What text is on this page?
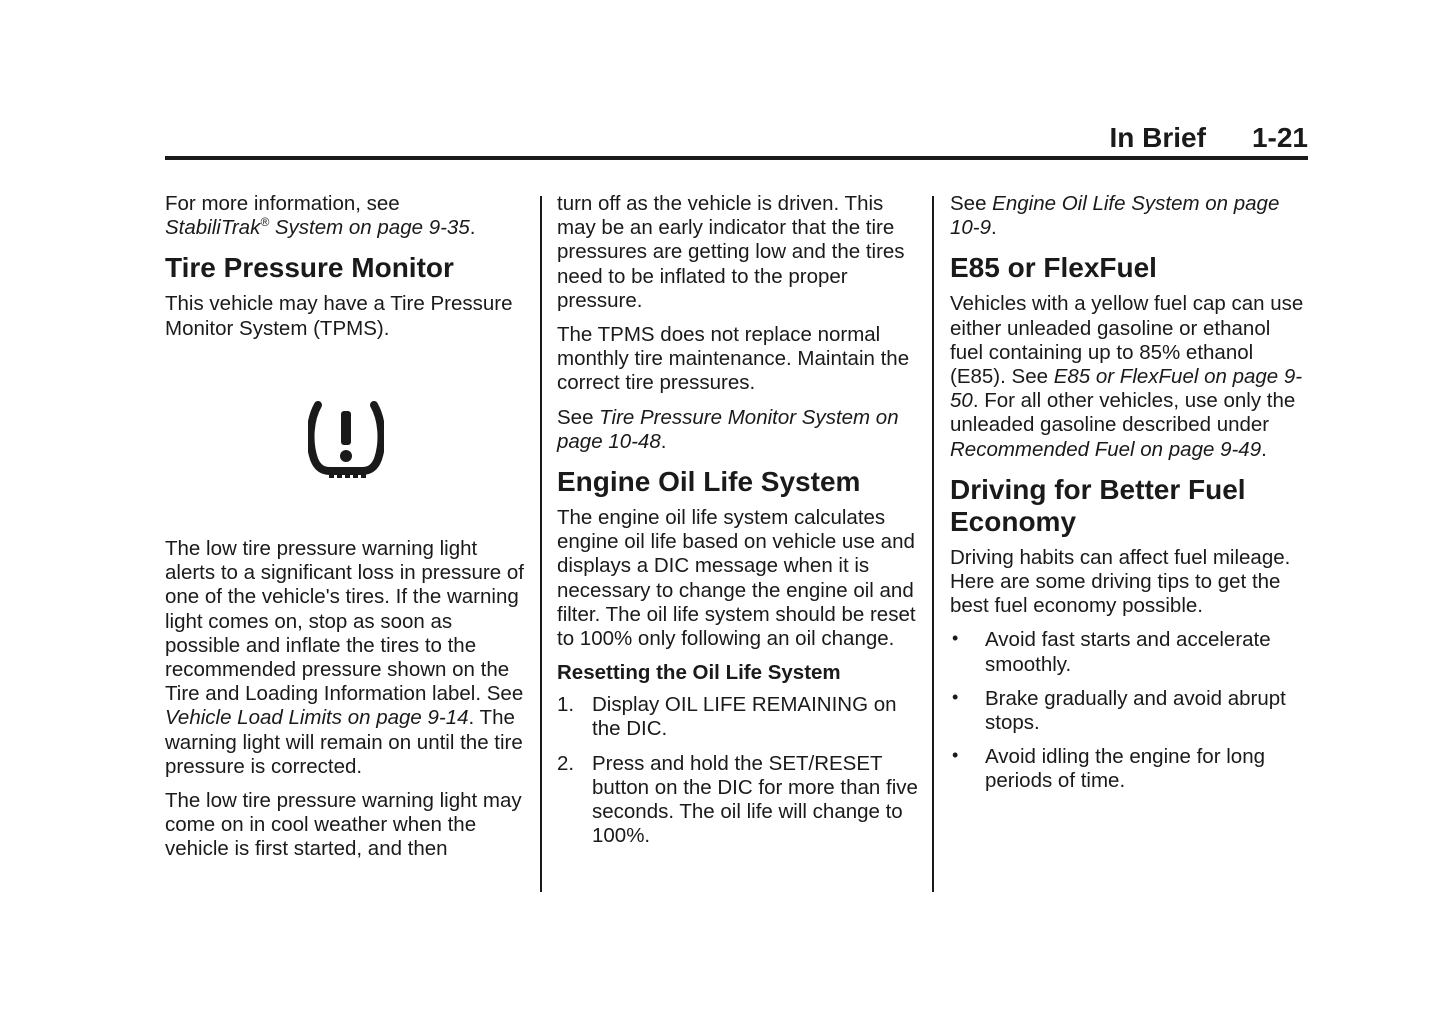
In Brief 1-21

For more information, see
StabiliTrak® System on page 9-35.

Tire Pressure Monitor

This vehicle may have a Tire Pressure Monitor System (TPMS).

The low tire pressure warning light alerts to a significant loss in pressure of one of the vehicle's tires. If the warning light comes on, stop as soon as possible and inflate the tires to the recommended pressure shown on the Tire and Loading Information label. See Vehicle Load Limits on page 9-14. The warning light will remain on until the tire pressure is corrected.

The low tire pressure warning light may come on in cool weather when the vehicle is first started, and then

turn off as the vehicle is driven. This may be an early indicator that the tire pressures are getting low and the tires need to be inflated to the proper pressure.

The TPMS does not replace normal monthly tire maintenance. Maintain the correct tire pressures.

See Tire Pressure Monitor System on page 10-48.

Engine Oil Life System

The engine oil life system calculates engine oil life based on vehicle use and displays a DIC message when it is necessary to change the engine oil and filter. The oil life system should be reset to 100% only following an oil change.

Resetting the Oil Life System
1. Display OIL LIFE REMAINING on the DIC.
2. Press and hold the SET/RESET button on the DIC for more than five seconds. The oil life will change to 100%.

See Engine Oil Life System on page 10-9.

E85 or FlexFuel

Vehicles with a yellow fuel cap can use either unleaded gasoline or ethanol fuel containing up to 85% ethanol (E85). See E85 or FlexFuel on page 9-50. For all other vehicles, use only the unleaded gasoline described under Recommended Fuel on page 9-49.

Driving for Better Fuel Economy

Driving habits can affect fuel mileage. Here are some driving tips to get the best fuel economy possible.

• Avoid fast starts and accelerate smoothly.
• Brake gradually and avoid abrupt stops.
• Avoid idling the engine for long periods of time.
